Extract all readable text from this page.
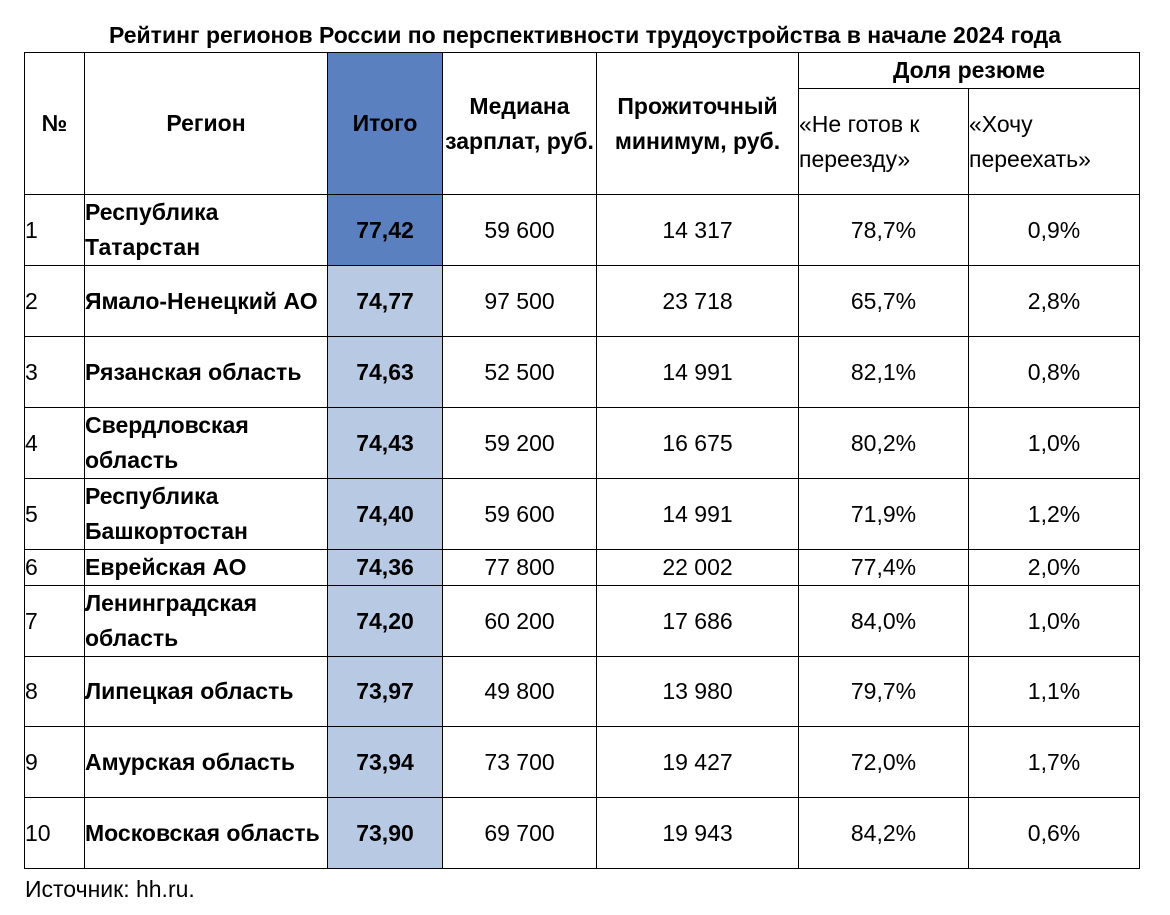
Рейтинг регионов России по перспективности трудоустройства в начале 2024 года
№	Регион	Итого	Медиана зарплат, руб.	Прожиточный минимум, руб.	Доля резюме	
					«Не готов к переезду»	«Хочу переехать»
1	Республика Татарстан	77,42	59 600	14 317	78,7%	0,9%
2	Ямало-Ненецкий АО	74,77	97 500	23 718	65,7%	2,8%
3	Рязанская область	74,63	52 500	14 991	82,1%	0,8%
4	Свердловская область	74,43	59 200	16 675	80,2%	1,0%
5	Республика Башкортостан	74,40	59 600	14 991	71,9%	1,2%
6	Еврейская АО	74,36	77 800	22 002	77,4%	2,0%
7	Ленинградская область	74,20	60 200	17 686	84,0%	1,0%
8	Липецкая область	73,97	49 800	13 980	79,7%	1,1%
9	Амурская область	73,94	73 700	19 427	72,0%	1,7%
10	Московская область	73,90	69 700	19 943	84,2%	0,6%
Источник: hh.ru.
